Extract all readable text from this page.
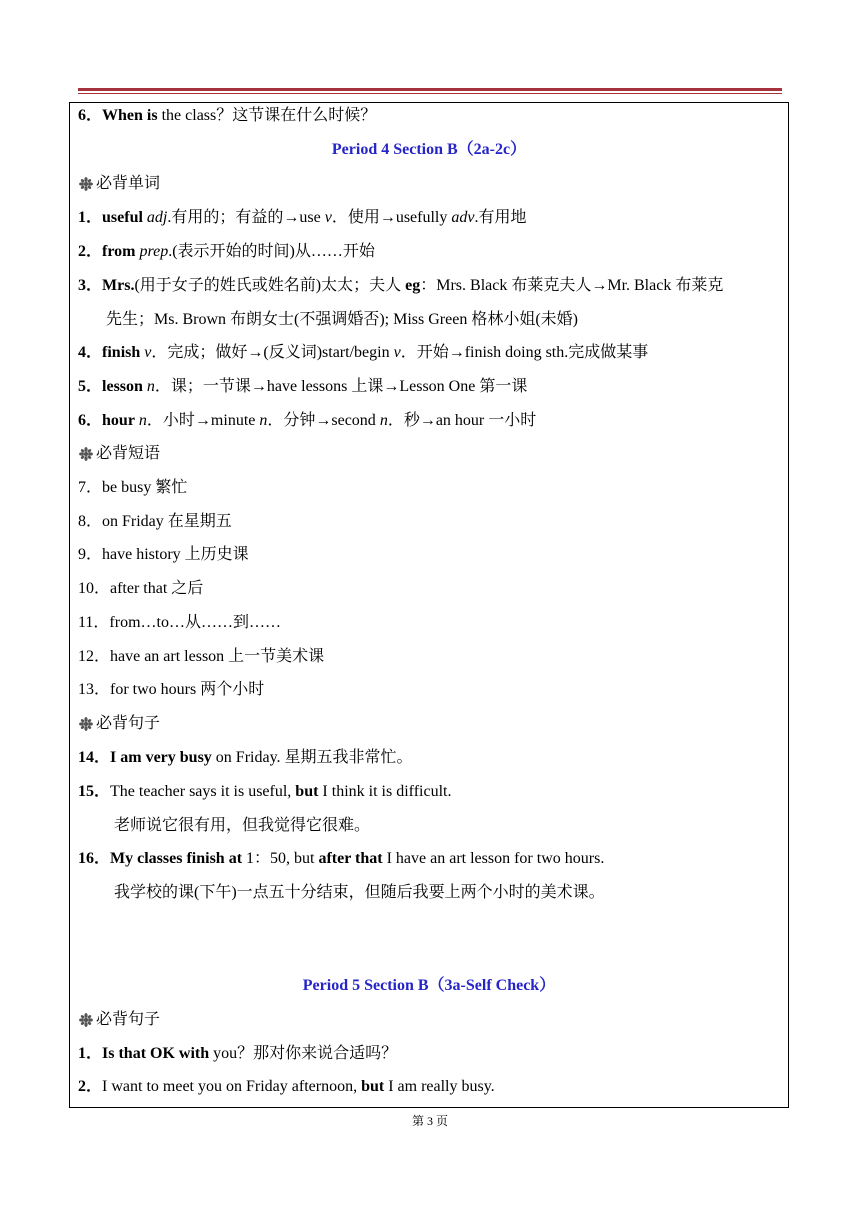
6．When is the class？这节课在什么时候？
Period 4 Section B（2a-2c）
必背单词
1．useful adj.有用的；有益的→use v．使用→usefully adv.有用地
2．from prep.(表示开始的时间)从……开始
3．Mrs.(用于女子的姓氏或姓名前)太太；夫人 eg：Mrs. Black 布莱克夫人→Mr. Black 布莱克
先生；Ms. Brown 布朗女士(不强调婚否); Miss Green 格林小姐(未婚)
4．finish v．完成；做好→(反义词)start/begin v．开始→finish doing sth.完成做某事
5．lesson n．课；一节课→have lessons 上课→Lesson One 第一课
6．hour n．小时→minute n．分钟→second n．秒→an hour 一小时
必背短语
7．be busy 繁忙
8．on Friday 在星期五
9．have history 上历史课
10．after that 之后
11．from…to…从……到……
12．have an art lesson 上一节美术课
13．for two hours 两个小时
必背句子
14．I am very busy on Friday. 星期五我非常忙。
15．The teacher says it is useful, but I think it is difficult.
老师说它很有用，但我觉得它很难。
16．My classes finish at 1：50, but after that I have an art lesson for two hours.
我学校的课(下午)一点五十分结束，但随后我要上两个小时的美术课。
Period 5 Section B（3a-Self Check）
必背句子
1．Is that OK with you？那对你来说合适吗？
2．I want to meet you on Friday afternoon, but I am really busy.
第 3 页
